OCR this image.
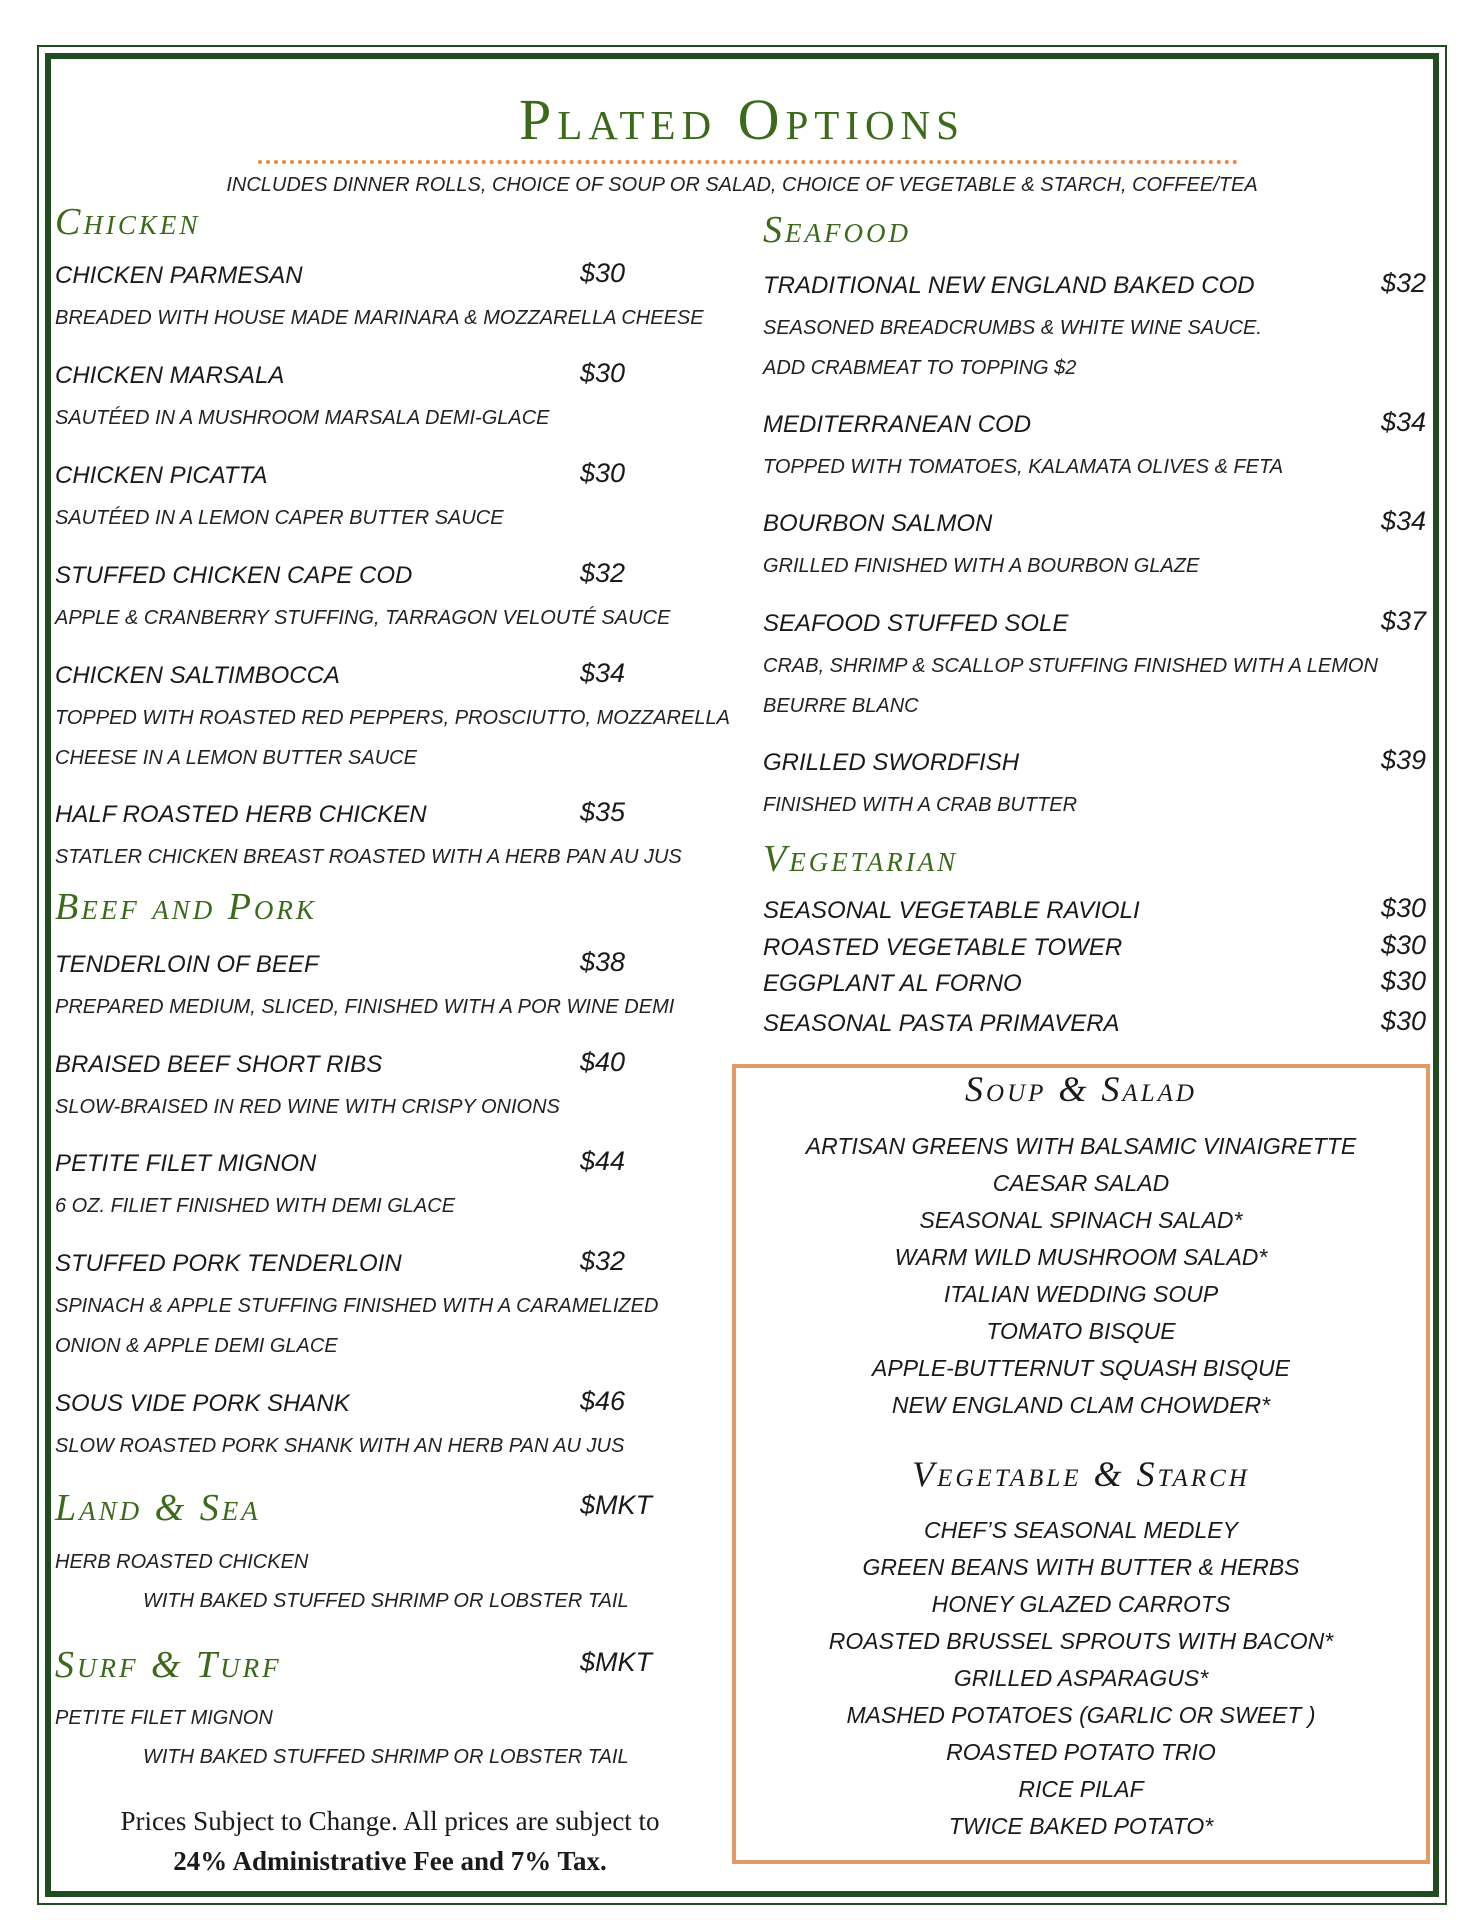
Plated Options
INCLUDES DINNER ROLLS, CHOICE OF SOUP OR SALAD, CHOICE OF VEGETABLE & STARCH, COFFEE/TEA
Chicken
CHICKEN PARMESAN	$30
BREADED WITH HOUSE MADE MARINARA & MOZZARELLA CHEESE
CHICKEN MARSALA	$30
SAUTÉED IN A MUSHROOM MARSALA DEMI-GLACE
CHICKEN PICATTA	$30
SAUTÉED IN A LEMON CAPER BUTTER SAUCE
STUFFED CHICKEN CAPE COD	$32
APPLE & CRANBERRY STUFFING, TARRAGON VELOUTÉ SAUCE
CHICKEN SALTIMBOCCA	$34
TOPPED WITH ROASTED RED PEPPERS, PROSCIUTTO, MOZZARELLA
CHEESE IN A LEMON BUTTER SAUCE
HALF ROASTED HERB CHICKEN	$35
STATLER CHICKEN BREAST ROASTED WITH A HERB PAN AU JUS
Beef and Pork
TENDERLOIN OF BEEF	$38
PREPARED MEDIUM, SLICED, FINISHED WITH A POR WINE DEMI
BRAISED BEEF SHORT RIBS	$40
SLOW-BRAISED IN RED WINE WITH CRISPY ONIONS
PETITE FILET MIGNON	$44
6 OZ. FILIET FINISHED WITH DEMI GLACE
STUFFED PORK TENDERLOIN	$32
SPINACH & APPLE STUFFING FINISHED WITH A CARAMELIZED
ONION & APPLE DEMI GLACE
SOUS VIDE PORK SHANK	$46
SLOW ROASTED PORK SHANK WITH AN HERB PAN AU JUS
Land & Sea	$MKT
HERB ROASTED CHICKEN
WITH BAKED STUFFED SHRIMP OR LOBSTER TAIL
Surf & Turf	$MKT
PETITE FILET MIGNON
WITH BAKED STUFFED SHRIMP OR LOBSTER TAIL
Seafood
TRADITIONAL NEW ENGLAND BAKED COD	$32
SEASONED BREADCRUMBS & WHITE WINE SAUCE.
ADD CRABMEAT TO TOPPING $2
MEDITERRANEAN COD	$34
TOPPED WITH TOMATOES, KALAMATA OLIVES & FETA
BOURBON SALMON	$34
GRILLED FINISHED WITH A BOURBON GLAZE
SEAFOOD STUFFED SOLE	$37
CRAB, SHRIMP & SCALLOP STUFFING FINISHED WITH A LEMON
BEURRE BLANC
GRILLED SWORDFISH	$39
FINISHED WITH A CRAB BUTTER
Vegetarian
SEASONAL VEGETABLE RAVIOLI	$30
ROASTED VEGETABLE TOWER	$30
EGGPLANT AL FORNO	$30
SEASONAL PASTA PRIMAVERA	$30
Soup & Salad
ARTISAN GREENS WITH BALSAMIC VINAIGRETTE
CAESAR SALAD
SEASONAL SPINACH SALAD*
WARM WILD MUSHROOM SALAD*
ITALIAN WEDDING SOUP
TOMATO BISQUE
APPLE-BUTTERNUT SQUASH BISQUE
NEW ENGLAND CLAM CHOWDER*
Vegetable & Starch
CHEF’S SEASONAL MEDLEY
GREEN BEANS WITH BUTTER & HERBS
HONEY GLAZED CARROTS
ROASTED BRUSSEL SPROUTS WITH BACON*
GRILLED ASPARAGUS*
MASHED POTATOES (GARLIC OR SWEET )
ROASTED POTATO TRIO
RICE PILAF
TWICE BAKED POTATO*
Prices Subject to Change. All prices are subject to
24% Administrative Fee and 7% Tax.
